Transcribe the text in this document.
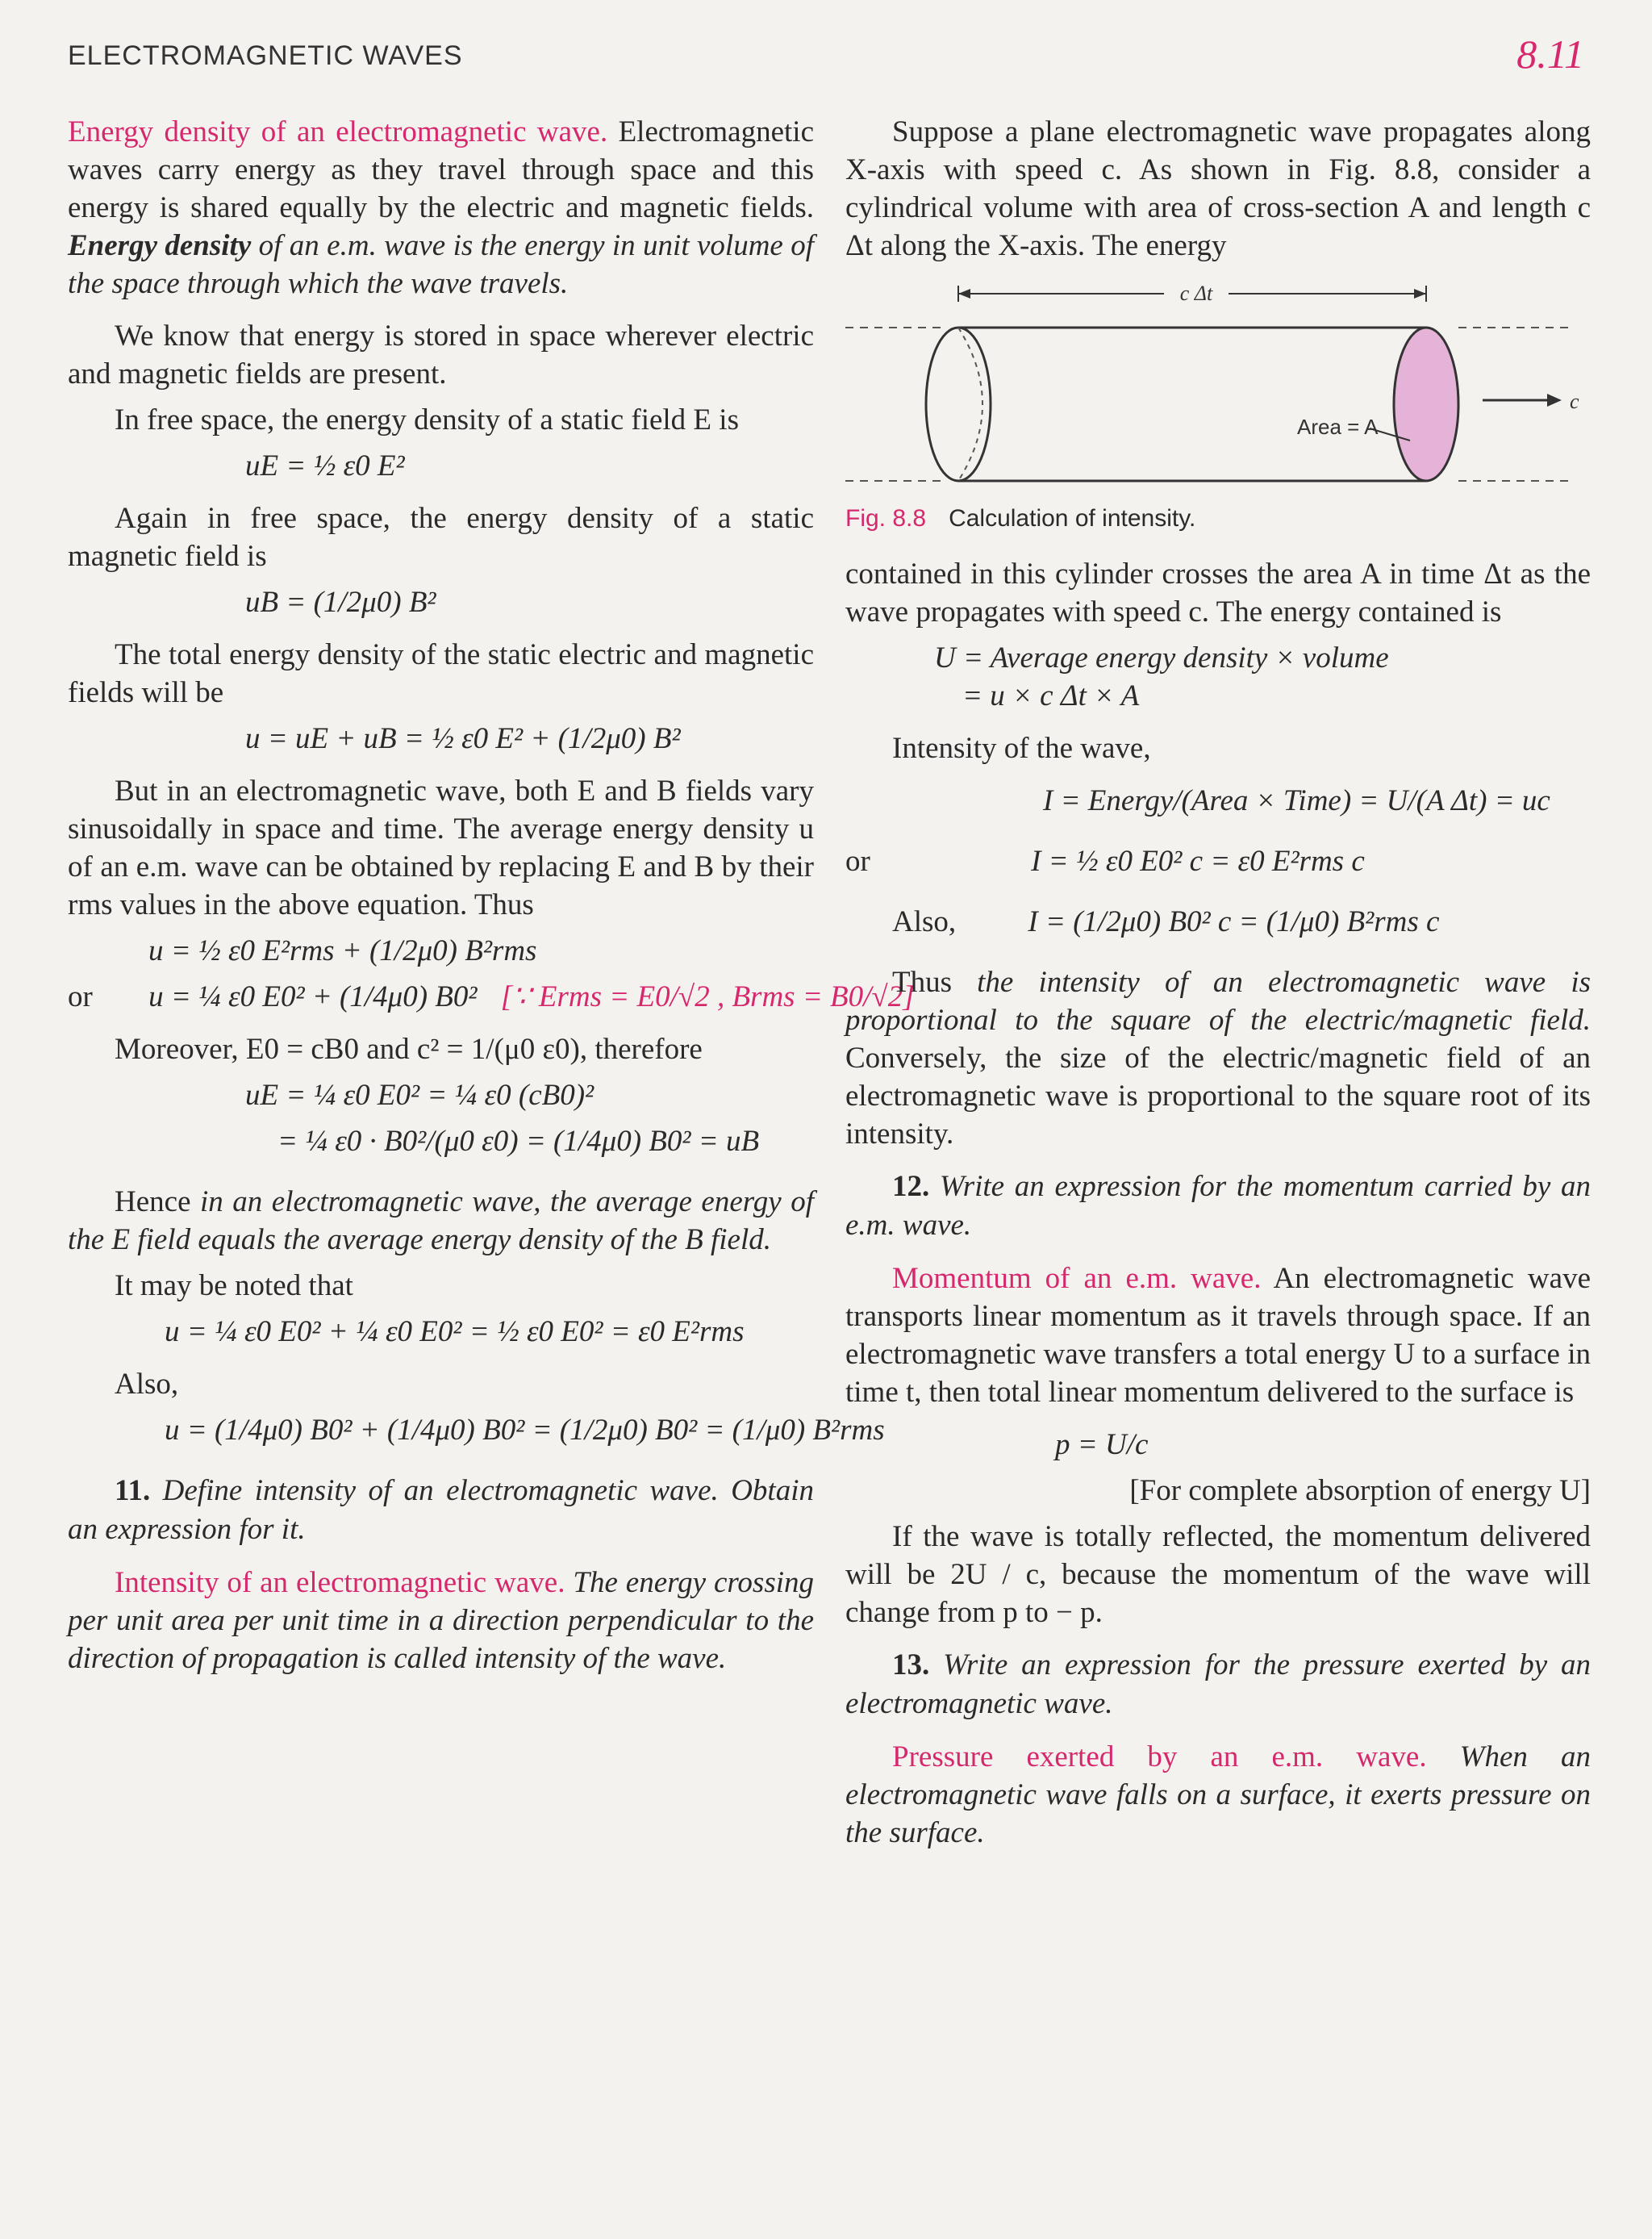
ELECTROMAGNETIC WAVES	8.11

Energy density of an electromagnetic wave. Electromagnetic waves carry energy as they travel through space and this energy is shared equally by the electric and magnetic fields. Energy density of an e.m. wave is the energy in unit volume of the space through which the wave travels.

We know that energy is stored in space wherever electric and magnetic fields are present.

In free space, the energy density of a static field E is

uE = ½ ε0 E²

Again in free space, the energy density of a static magnetic field is

uB = (1/2μ0) B²

The total energy density of the static electric and magnetic fields will be

u = uE + uB = ½ ε0 E² + (1/2μ0) B²

But in an electromagnetic wave, both E and B fields vary sinusoidally in space and time. The average energy density u of an e.m. wave can be obtained by replacing E and B by their rms values in the above equation. Thus

u = ½ ε0 E²rms + (1/2μ0) B²rms
or u = ¼ ε0 E0² + (1/4μ0) B0² [∵ Erms = E0/√2 , Brms = B0/√2]

Moreover, E0 = cB0 and c² = 1/(μ0 ε0), therefore

uE = ¼ ε0 E0² = ¼ ε0 (cB0)²
= ¼ ε0 · B0²/(μ0 ε0) = (1/4μ0) B0² = uB

Hence in an electromagnetic wave, the average energy of the E field equals the average energy density of the B field.

It may be noted that

u = ¼ ε0 E0² + ¼ ε0 E0² = ½ ε0 E0² = ε0 E²rms

Also,

u = (1/4μ0) B0² + (1/4μ0) B0² = (1/2μ0) B0² = (1/μ0) B²rms

11. Define intensity of an electromagnetic wave. Obtain an expression for it.

Intensity of an electromagnetic wave. The energy crossing per unit area per unit time in a direction perpendicular to the direction of propagation is called intensity of the wave.

Suppose a plane electromagnetic wave propagates along X-axis with speed c. As shown in Fig. 8.8, consider a cylindrical volume with area of cross-section A and length c Δt along the X-axis. The energy

c Δt
Area = A
c
Fig. 8.8 Calculation of intensity.

contained in this cylinder crosses the area A in time Δt as the wave propagates with speed c. The energy contained is

U = Average energy density × volume
= u × c Δt × A

Intensity of the wave,

I = Energy/(Area × Time) = U/(A Δt) = uc
or	I = ½ ε0 E0² c = ε0 E²rms c
Also, I = (1/2μ0) B0² c = (1/μ0) B²rms c

Thus the intensity of an electromagnetic wave is proportional to the square of the electric/magnetic field. Conversely, the size of the electric/magnetic field of an electromagnetic wave is proportional to the square root of its intensity.

12. Write an expression for the momentum carried by an e.m. wave.

Momentum of an e.m. wave. An electromagnetic wave transports linear momentum as it travels through space. If an electromagnetic wave transfers a total energy U to a surface in time t, then total linear momentum delivered to the surface is

p = U/c
[For complete absorption of energy U]

If the wave is totally reflected, the momentum delivered will be 2U / c, because the momentum of the wave will change from p to − p.

13. Write an expression for the pressure exerted by an electromagnetic wave.

Pressure exerted by an e.m. wave. When an electromagnetic wave falls on a surface, it exerts pressure on the surface.
